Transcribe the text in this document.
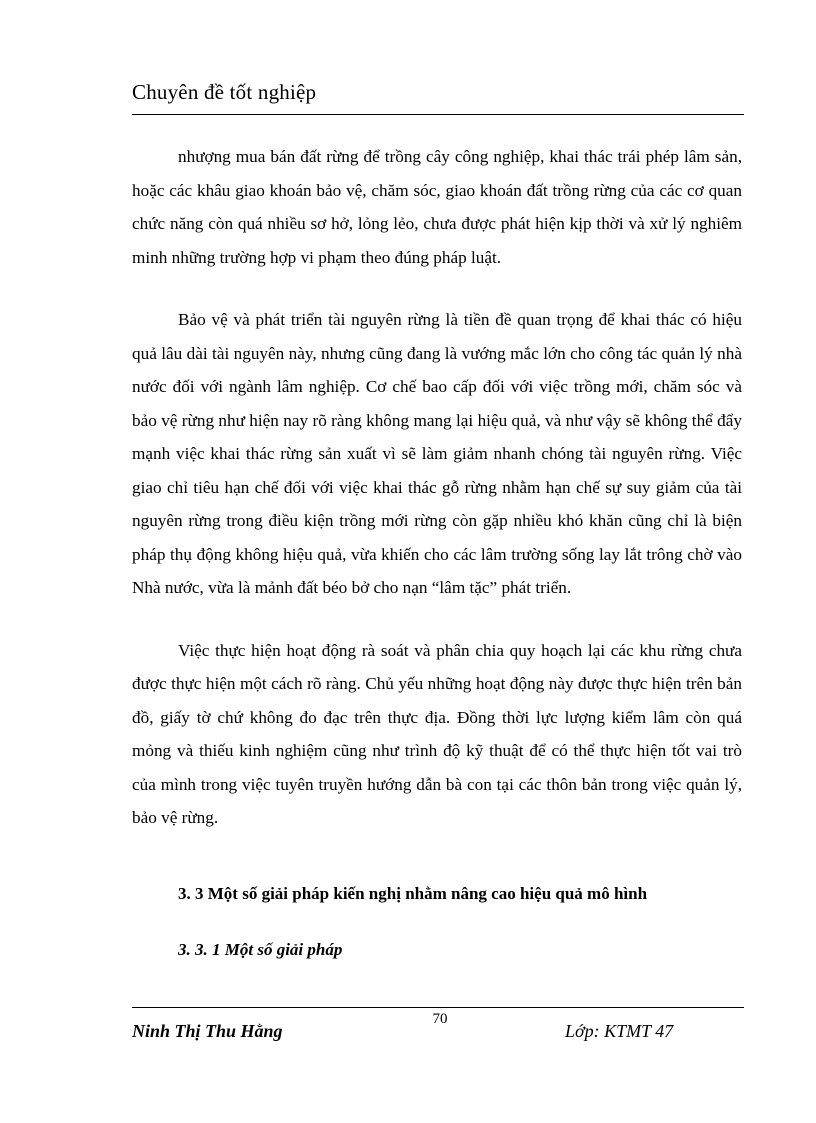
Chuyên đề tốt nghiệp

nhượng mua bán đất rừng để trồng cây công nghiệp, khai thác trái phép lâm sản, hoặc các khâu giao khoán bảo vệ, chăm sóc, giao khoán đất trồng rừng của các cơ quan chức năng còn quá nhiều sơ hở, lỏng lẻo, chưa được phát hiện kịp thời và xử lý nghiêm minh những trường hợp vi phạm theo đúng pháp luật.

Bảo vệ và phát triển tài nguyên rừng là tiền đề quan trọng để khai thác có hiệu quả lâu dài tài nguyên này, nhưng cũng đang là vướng mắc lớn cho công tác quản lý nhà nước đối với ngành lâm nghiệp. Cơ chế bao cấp đối với việc trồng mới, chăm sóc và bảo vệ rừng như hiện nay rõ ràng không mang lại hiệu quả, và như vậy sẽ không thể đẩy mạnh việc khai thác rừng sản xuất vì sẽ làm giảm nhanh chóng tài nguyên rừng. Việc giao chỉ tiêu hạn chế đối với việc khai thác gỗ rừng nhằm hạn chế sự suy giảm của tài nguyên rừng trong điều kiện trồng mới rừng còn gặp nhiều khó khăn cũng chỉ là biện pháp thụ động không hiệu quả, vừa khiến cho các lâm trường sống lay lắt trông chờ vào Nhà nước, vừa là mảnh đất béo bở cho nạn “lâm tặc” phát triển.

Việc thực hiện hoạt động rà soát và phân chia quy hoạch lại các khu rừng chưa được thực hiện một cách rõ ràng. Chủ yếu những hoạt động này được thực hiện trên bản đồ, giấy tờ chứ không đo đạc trên thực địa. Đồng thời lực lượng kiểm lâm còn quá mỏng và thiếu kinh nghiệm cũng như trình độ kỹ thuật để có thể thực hiện tốt vai trò của mình trong việc tuyên truyền hướng dẫn bà con tại các thôn bản trong việc quản lý, bảo vệ rừng.

3. 3 Một số giải pháp kiến nghị nhằm nâng cao hiệu quả mô hình
3. 3. 1 Một số giải pháp
70
Ninh Thị Thu Hằng	Lớp: KTMT 47
